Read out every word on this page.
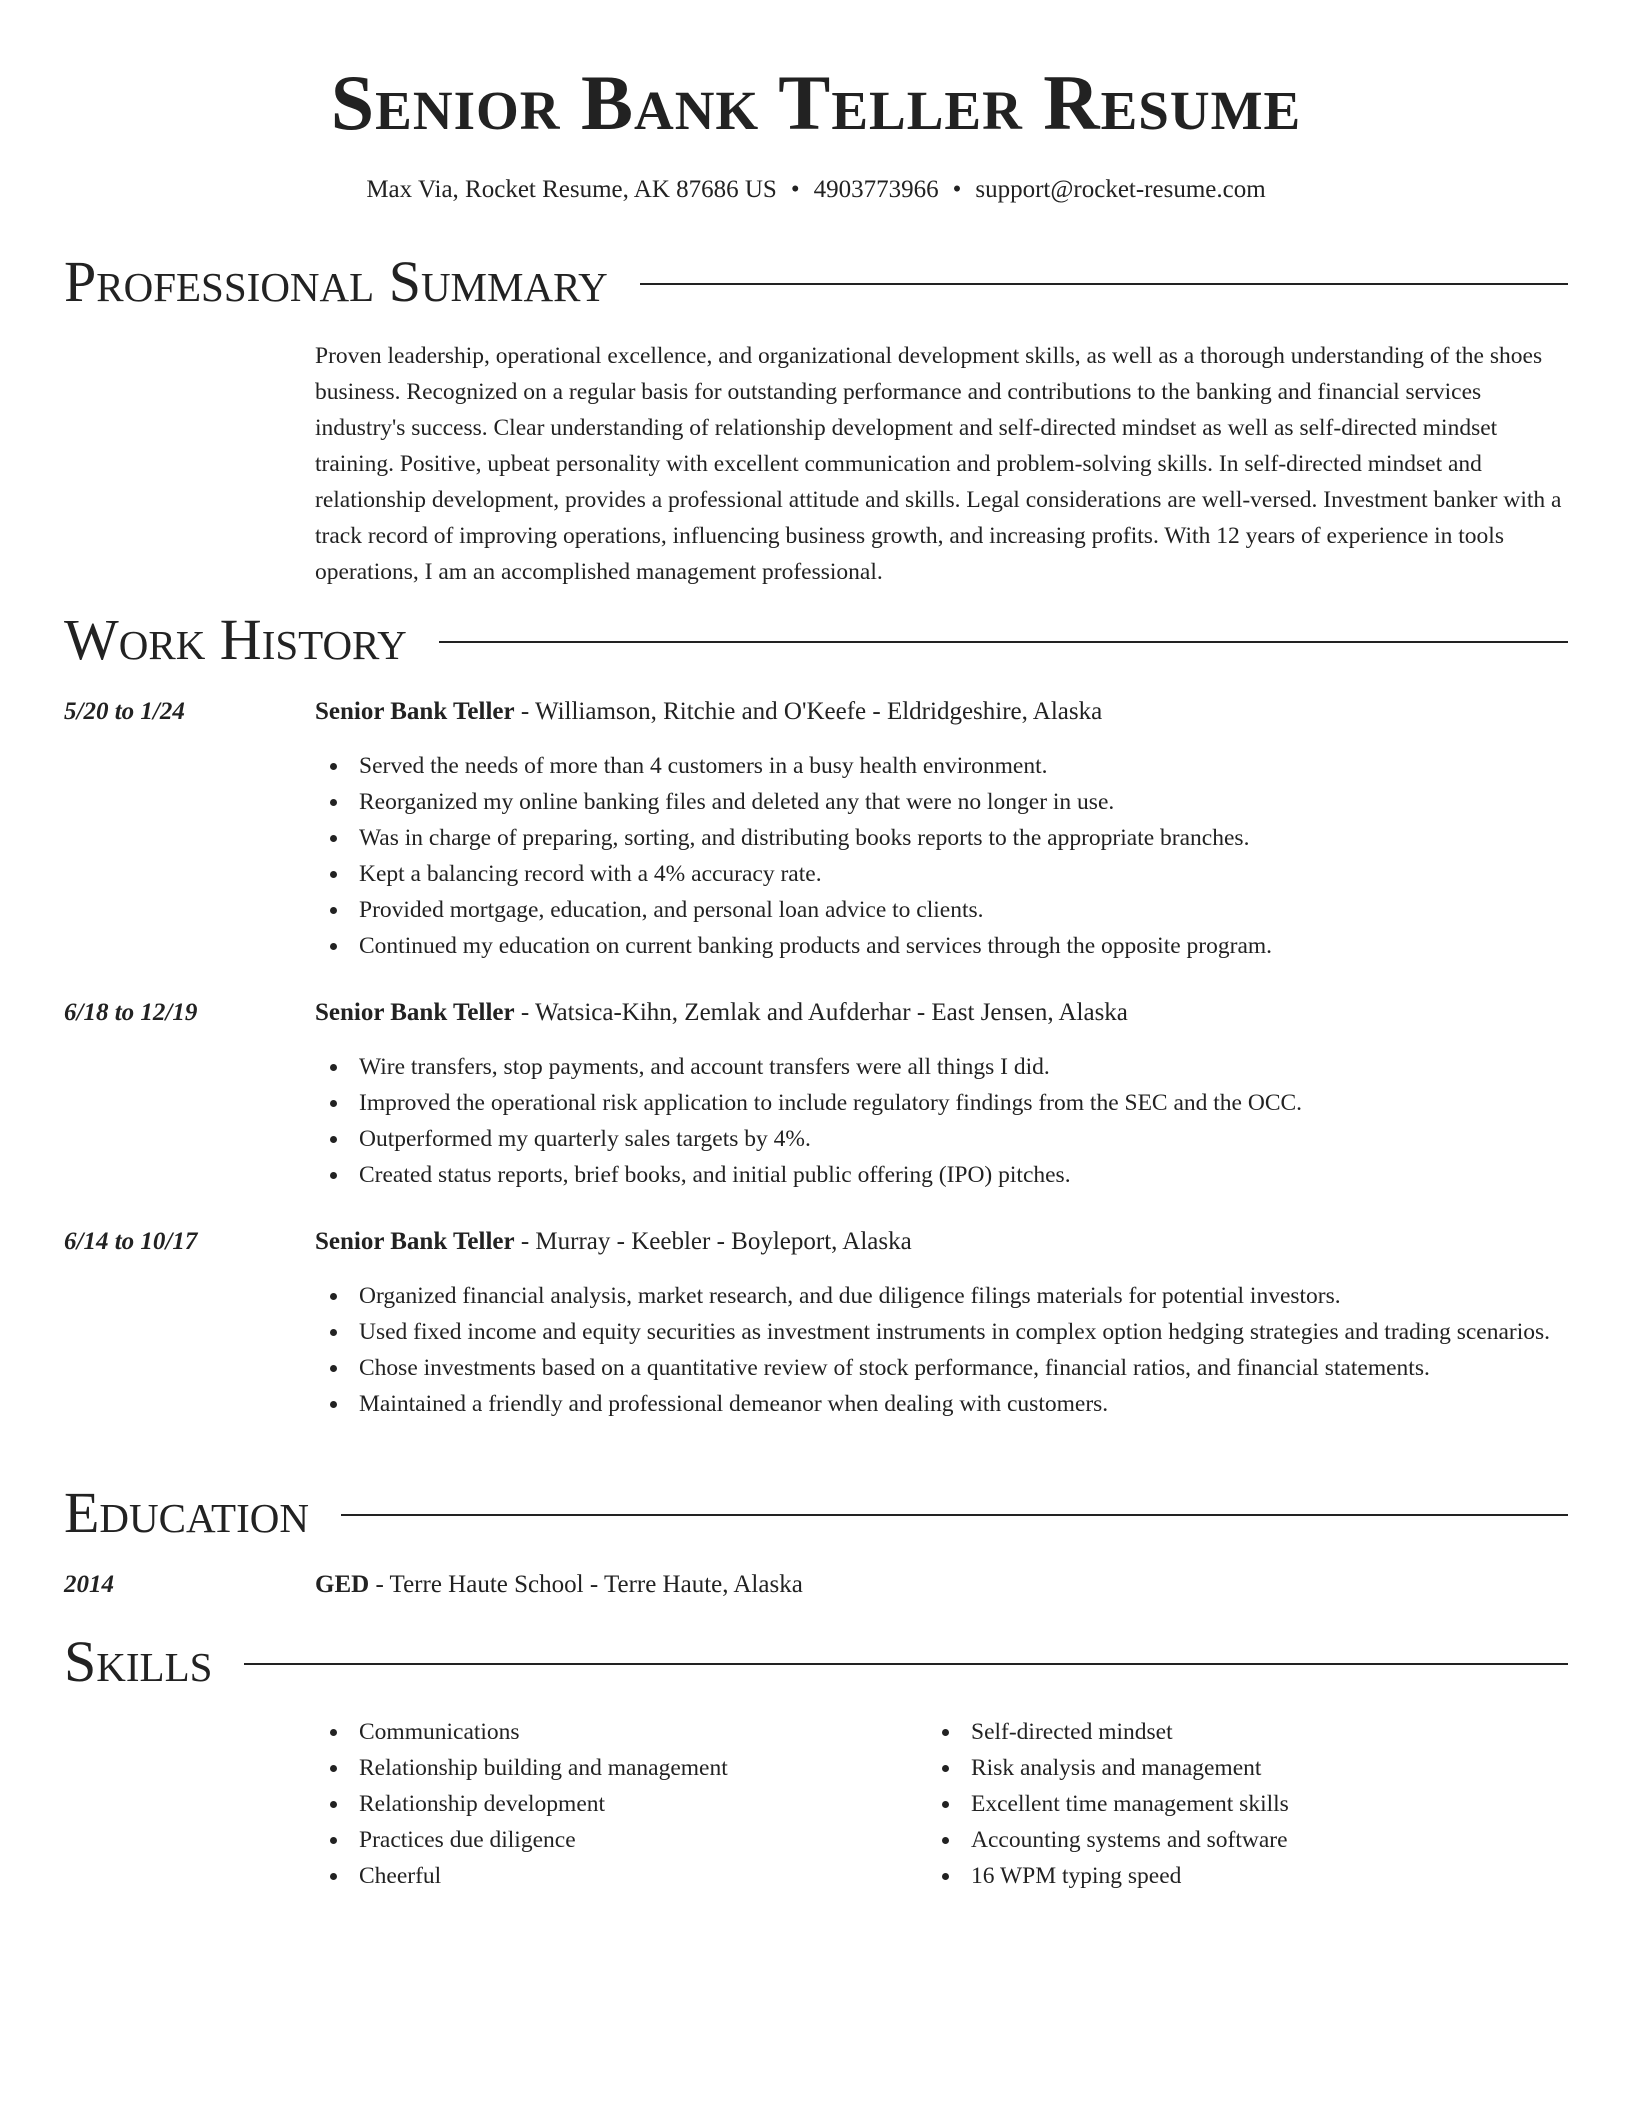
Senior Bank Teller Resume
Max Via, Rocket Resume, AK 87686 US • 4903773966 • support@rocket-resume.com
Professional Summary

Proven leadership, operational excellence, and organizational development skills, as well as a thorough understanding of the shoes business. Recognized on a regular basis for outstanding performance and contributions to the banking and financial services industry's success. Clear understanding of relationship development and self-directed mindset as well as self-directed mindset training. Positive, upbeat personality with excellent communication and problem-solving skills. In self-directed mindset and relationship development, provides a professional attitude and skills. Legal considerations are well-versed. Investment banker with a track record of improving operations, influencing business growth, and increasing profits. With 12 years of experience in tools operations, I am an accomplished management professional.

Work History
5/20 to 1/24	Senior Bank Teller - Williamson, Ritchie and O'Keefe - Eldridgeshire, Alaska
Served the needs of more than 4 customers in a busy health environment.
Reorganized my online banking files and deleted any that were no longer in use.
Was in charge of preparing, sorting, and distributing books reports to the appropriate branches.
Kept a balancing record with a 4% accuracy rate.
Provided mortgage, education, and personal loan advice to clients.
Continued my education on current banking products and services through the opposite program.
6/18 to 12/19	Senior Bank Teller - Watsica-Kihn, Zemlak and Aufderhar - East Jensen, Alaska
Wire transfers, stop payments, and account transfers were all things I did.
Improved the operational risk application to include regulatory findings from the SEC and the OCC.
Outperformed my quarterly sales targets by 4%.
Created status reports, brief books, and initial public offering (IPO) pitches.
6/14 to 10/17	Senior Bank Teller - Murray - Keebler - Boyleport, Alaska
Organized financial analysis, market research, and due diligence filings materials for potential investors.
Used fixed income and equity securities as investment instruments in complex option hedging strategies and trading scenarios.
Chose investments based on a quantitative review of stock performance, financial ratios, and financial statements.
Maintained a friendly and professional demeanor when dealing with customers.
Education
2014	GED - Terre Haute School - Terre Haute, Alaska
Skills
Communications
Relationship building and management
Relationship development
Practices due diligence
Cheerful
Self-directed mindset
Risk analysis and management
Excellent time management skills
Accounting systems and software
16 WPM typing speed
